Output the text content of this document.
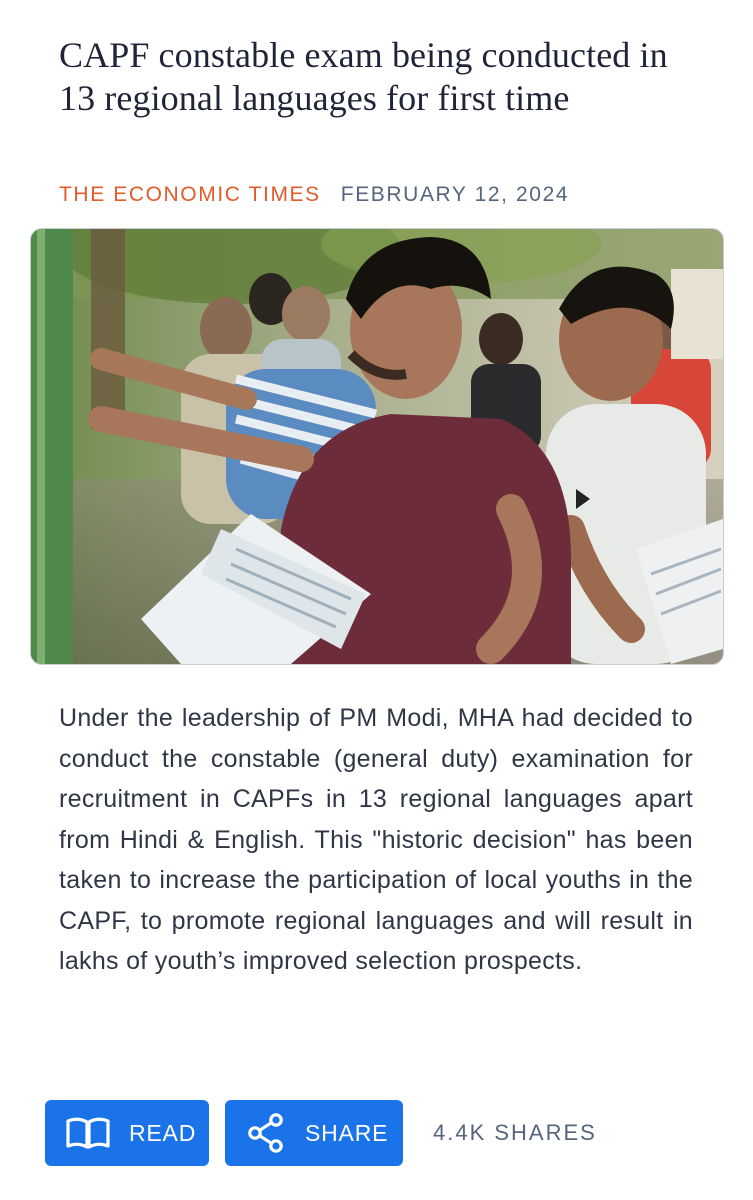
CAPF constable exam being conducted in 13 regional languages for first time
THE ECONOMIC TIMES FEBRUARY 12, 2024

Under the leadership of PM Modi, MHA had decided to conduct the constable (general duty) examination for recruitment in CAPFs in 13 regional languages apart from Hindi & English. This "historic decision" has been taken to increase the participation of local youths in the CAPF, to promote regional languages and will result in lakhs of youth’s improved selection prospects.

READ	SHARE 4.4K SHARES
